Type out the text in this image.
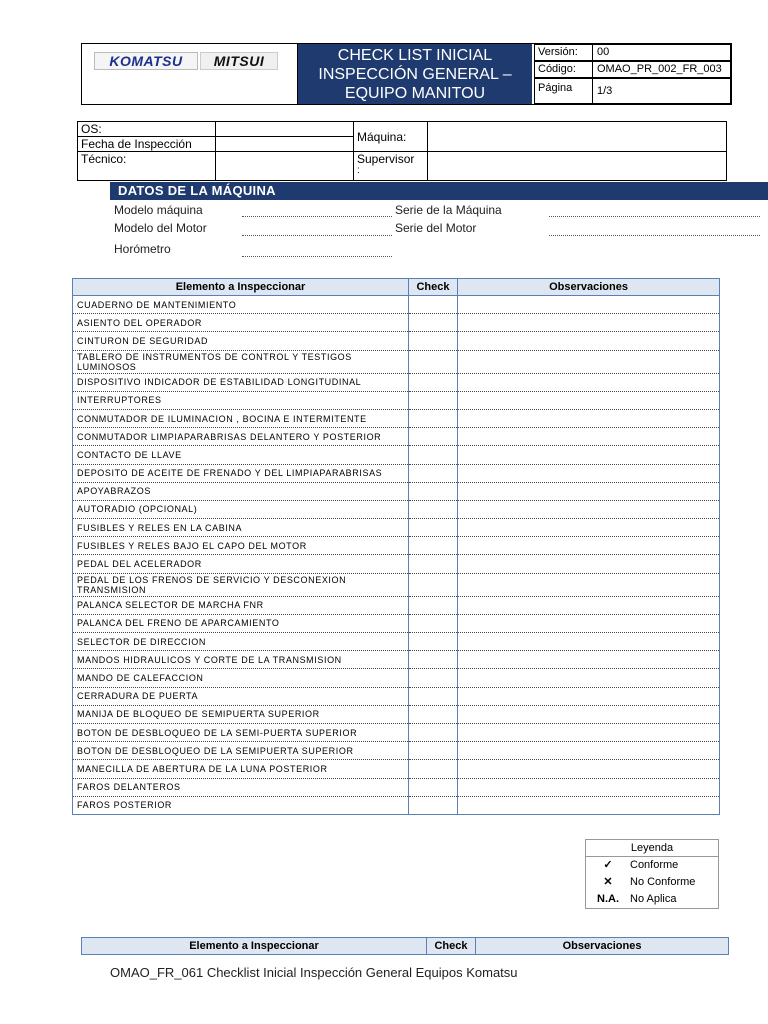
KOMATSU MITSUI	CHECK LIST INICIAL
INSPECCIÓN GENERAL –
EQUIPO MANITOU
Versión:	00
Código:	OMAO_PR_002_FR_003
Página	1/3
OS:
Fecha de Inspección
Técnico:
Máquina:
Supervisor
:
DATOS DE LA MÁQUINA
Modelo máquina	Serie de la Máquina
Modelo del Motor	Serie del Motor
Horómetro
Elemento a Inspeccionar	Check	Observaciones
CUADERNO DE MANTENIMIENTO		
ASIENTO DEL OPERADOR		
CINTURON DE SEGURIDAD		
TABLERO DE INSTRUMENTOS DE CONTROL Y TESTIGOS LUMINOSOS		
DISPOSITIVO INDICADOR DE ESTABILIDAD LONGITUDINAL		
INTERRUPTORES		
CONMUTADOR DE ILUMINACION , BOCINA E INTERMITENTE		
CONMUTADOR LIMPIAPARABRISAS DELANTERO Y POSTERIOR		
CONTACTO DE LLAVE		
DEPOSITO DE ACEITE DE FRENADO Y DEL LIMPIAPARABRISAS		
APOYABRAZOS		
AUTORADIO (OPCIONAL)		
FUSIBLES Y RELES EN LA CABINA		
FUSIBLES Y RELES BAJO EL CAPO DEL MOTOR		
PEDAL DEL ACELERADOR		
PEDAL DE LOS FRENOS DE SERVICIO Y DESCONEXION TRANSMISION		
PALANCA SELECTOR DE MARCHA FNR		
PALANCA DEL FRENO DE APARCAMIENTO		
SELECTOR DE DIRECCION		
MANDOS HIDRAULICOS Y CORTE DE LA TRANSMISION		
MANDO DE CALEFACCION		
CERRADURA DE PUERTA		
MANIJA DE BLOQUEO DE SEMIPUERTA SUPERIOR		
BOTON DE DESBLOQUEO DE LA SEMI-PUERTA SUPERIOR		
BOTON DE DESBLOQUEO DE LA SEMIPUERTA SUPERIOR		
MANECILLA DE ABERTURA DE LA LUNA POSTERIOR		
FAROS DELANTEROS		
FAROS POSTERIOR		
Leyenda
✓	Conforme
✕	No Conforme
N.A.	No Aplica
Elemento a Inspeccionar	Check	Observaciones
OMAO_FR_061 Checklist Inicial Inspección General Equipos Komatsu
